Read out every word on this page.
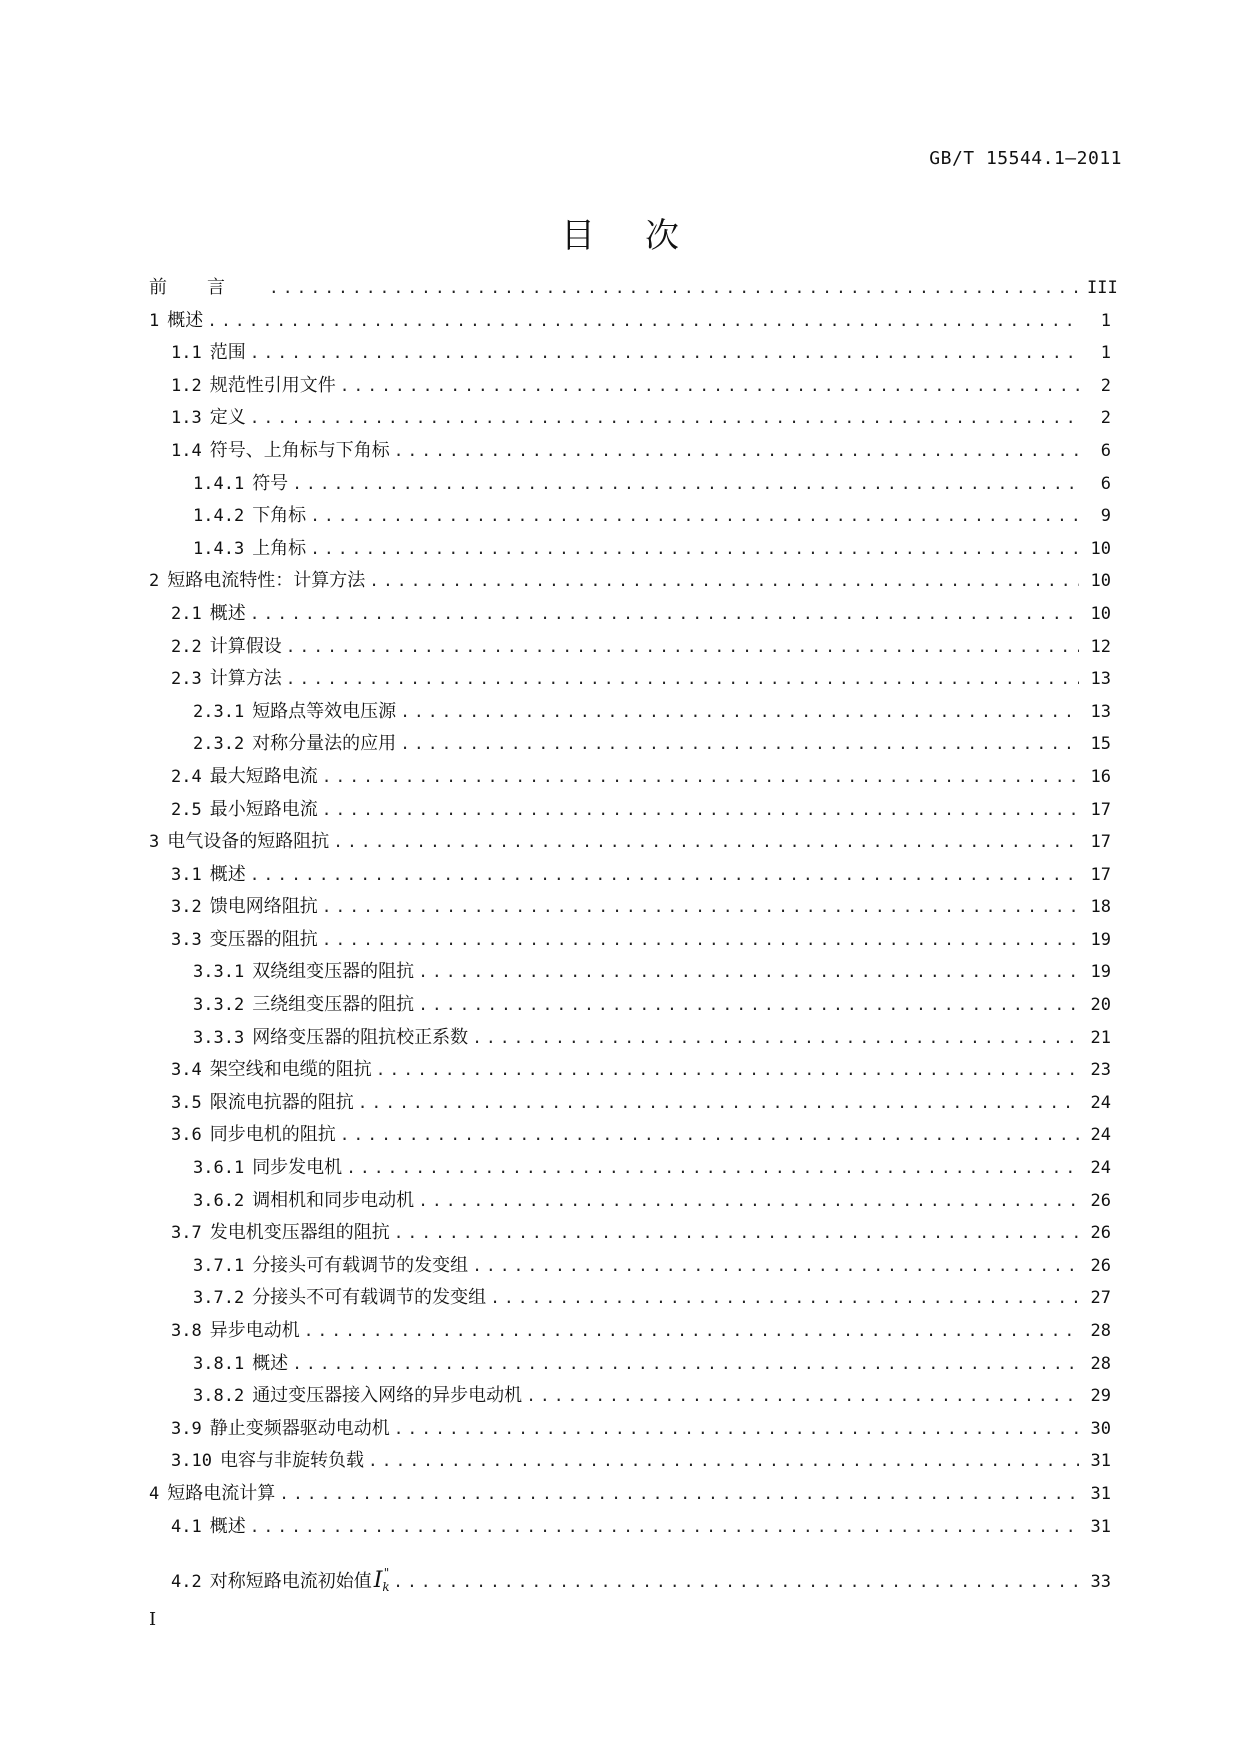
GB/T 15544.1—2011
目 次
前言 .....	III
1 概述 .....	1
1.1 范围 .....	1
1.2 规范性引用文件 .....	2
1.3 定义 .....	2
1.4 符号、上角标与下角标 .....	6
1.4.1 符号 .....	6
1.4.2 下角标 .....	9
1.4.3 上角标 .....	10
2 短路电流特性：计算方法 .....	10
2.1 概述 .....	10
2.2 计算假设 .....	12
2.3 计算方法 .....	13
2.3.1 短路点等效电压源 .....	13
2.3.2 对称分量法的应用 .....	15
2.4 最大短路电流 .....	16
2.5 最小短路电流 .....	17
3 电气设备的短路阻抗 .....	17
3.1 概述 .....	17
3.2 馈电网络阻抗 .....	18
3.3 变压器的阻抗 .....	19
3.3.1 双绕组变压器的阻抗 .....	19
3.3.2 三绕组变压器的阻抗 .....	20
3.3.3 网络变压器的阻抗校正系数 .....	21
3.4 架空线和电缆的阻抗 .....	23
3.5 限流电抗器的阻抗 .....	24
3.6 同步电机的阻抗 .....	24
3.6.1 同步发电机 .....	24
3.6.2 调相机和同步电动机 .....	26
3.7 发电机变压器组的阻抗 .....	26
3.7.1 分接头可有载调节的发变组 .....	26
3.7.2 分接头不可有载调节的发变组 .....	27
3.8 异步电动机 .....	28
3.8.1 概述 .....	28
3.8.2 通过变压器接入网络的异步电动机 .....	29
3.9 静止变频器驱动电动机 .....	30
3.10 电容与非旋转负载 .....	31
4 短路电流计算 .....	31
4.1 概述 .....	31
4.2 对称短路电流初始值 $I_k^"$ .....	33
I
